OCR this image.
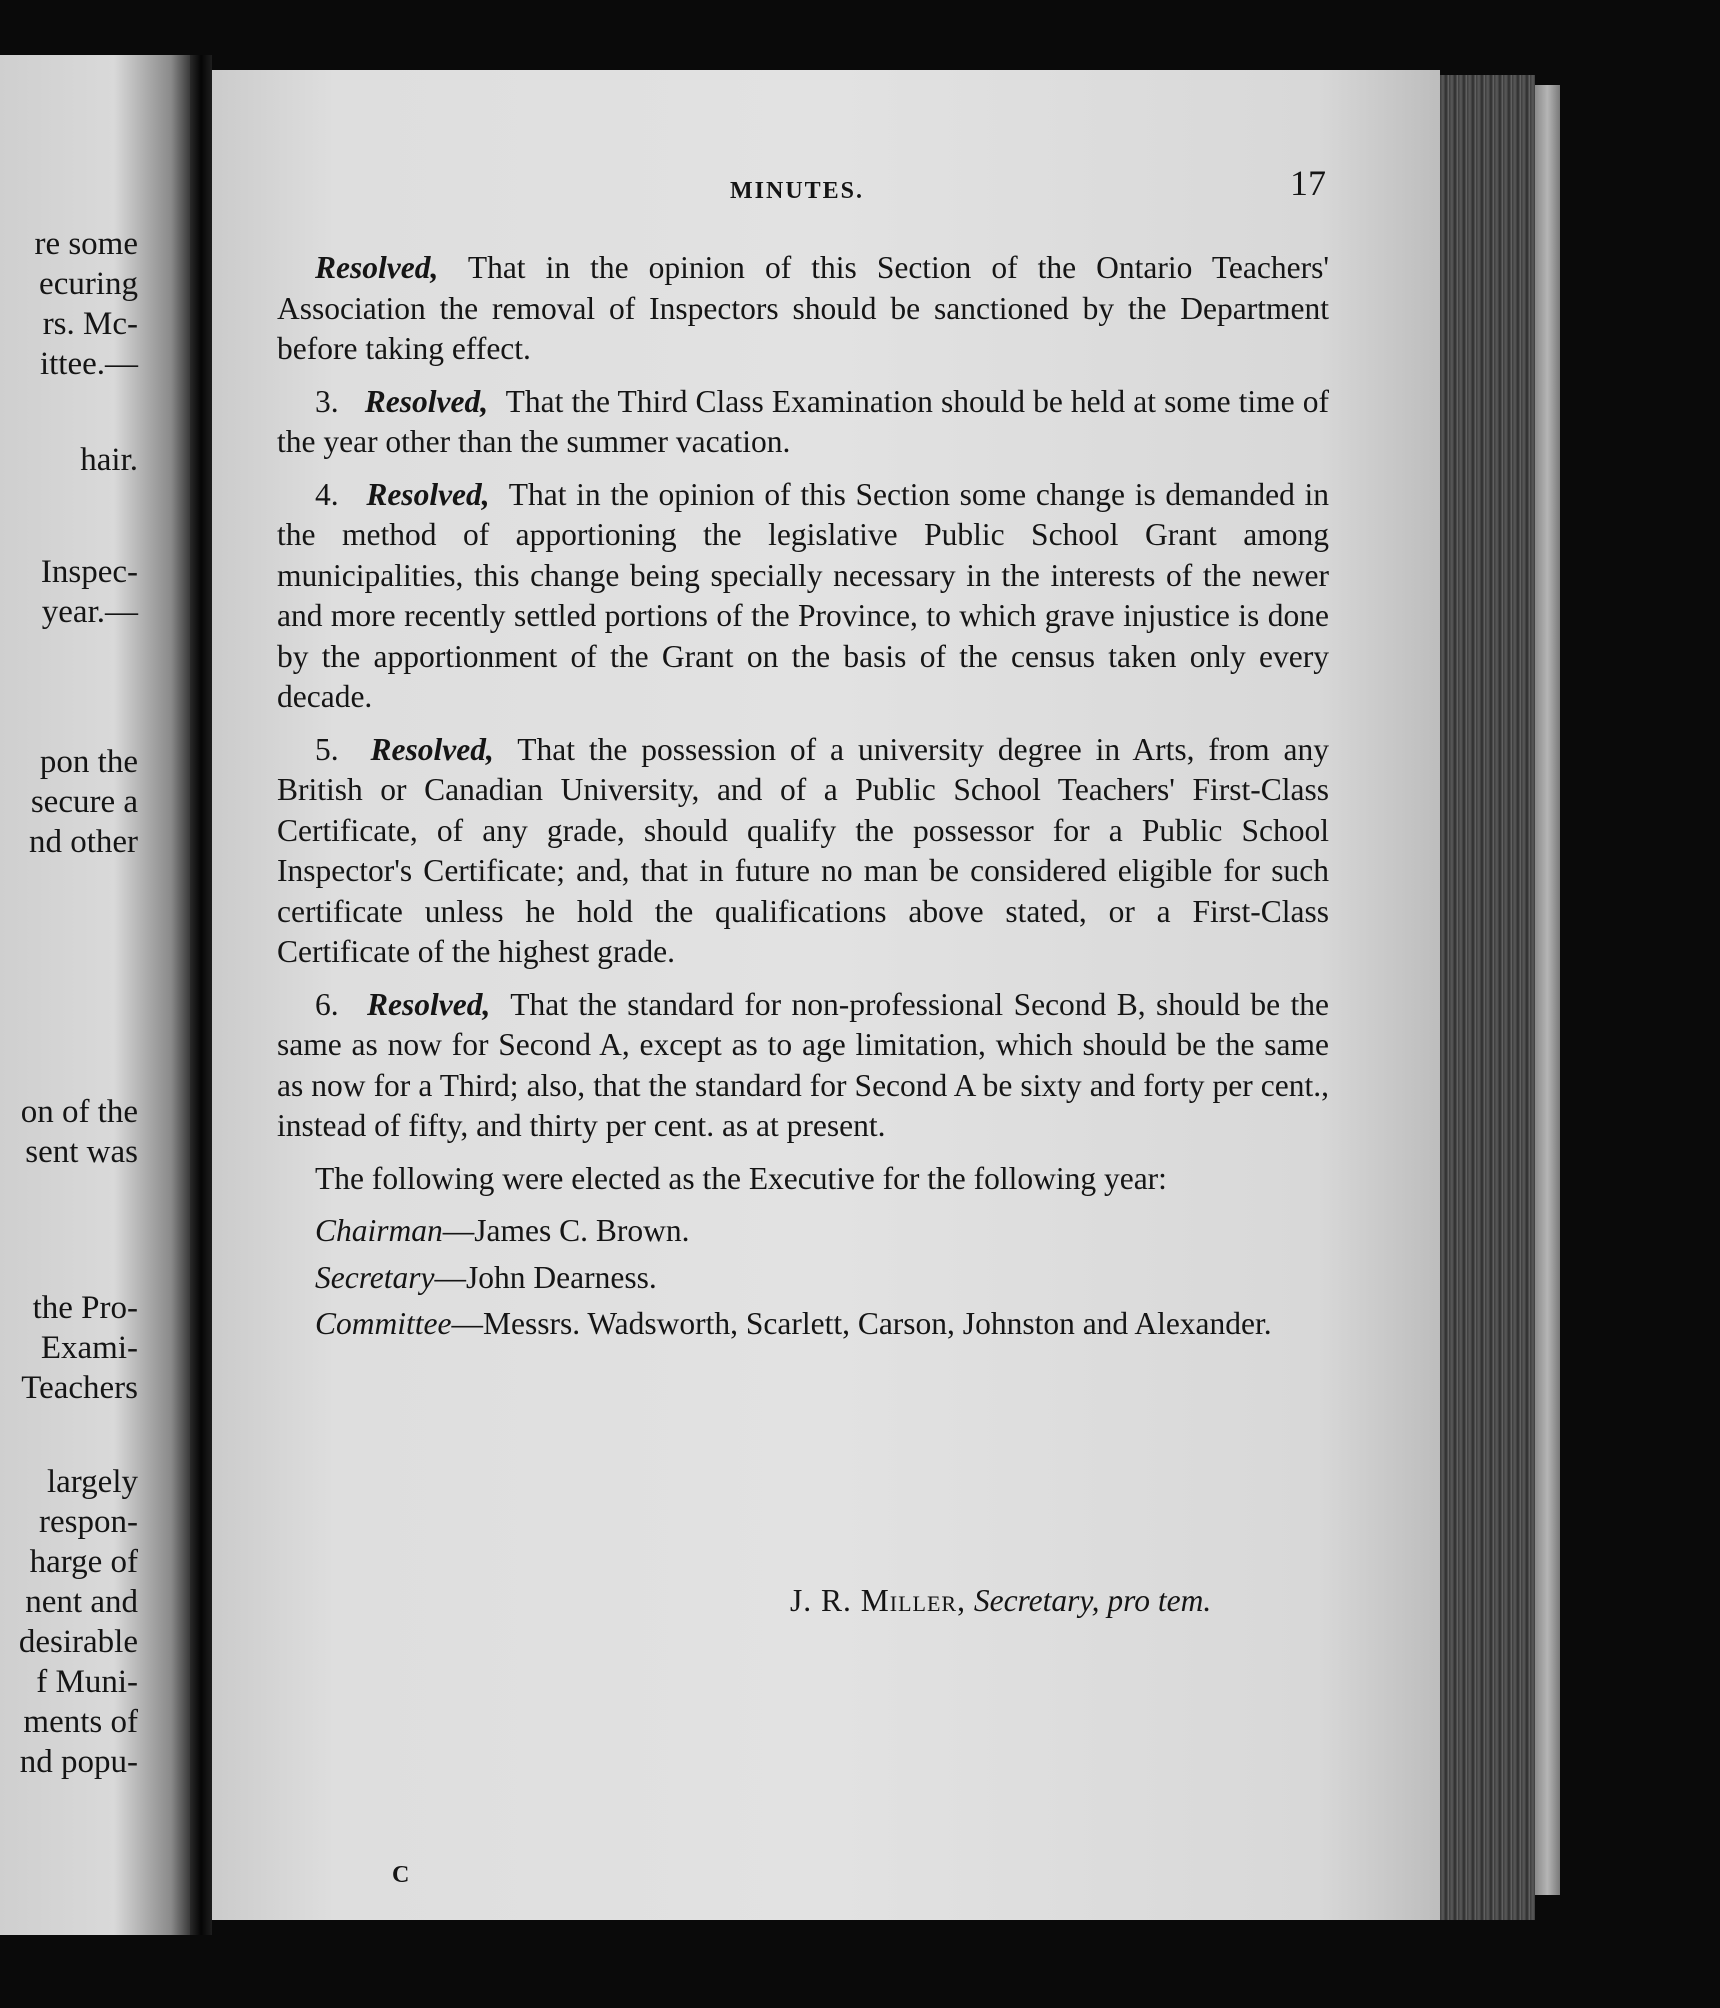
re some
ecuring
rs. Mc-
ittee.—
hair.
Inspec-
year.—
pon the
secure a
nd other
on of the
sent was
the Pro-
Exami-
Teachers
largely
respon-
harge of
nent and
desirable
f Muni-
ments of
nd popu-
MINUTES.	17

Resolved, That in the opinion of this Section of the Ontario Teachers' Association the removal of Inspectors should be sanctioned by the Department before taking effect.

3. Resolved, That the Third Class Examination should be held at some time of the year other than the summer vacation.

4. Resolved, That in the opinion of this Section some change is demanded in the method of apportioning the legislative Public School Grant among municipalities, this change being specially necessary in the interests of the newer and more recently settled portions of the Province, to which grave injustice is done by the apportionment of the Grant on the basis of the census taken only every decade.

5. Resolved, That the possession of a university degree in Arts, from any British or Canadian University, and of a Public School Teachers' First-Class Certificate, of any grade, should qualify the possessor for a Public School Inspector's Certificate; and, that in future no man be considered eligible for such certificate unless he hold the qualifications above stated, or a First-Class Certificate of the highest grade.

6. Resolved, That the standard for non-professional Second B, should be the same as now for Second A, except as to age limitation, which should be the same as now for a Third; also, that the standard for Second A be sixty and forty per cent., instead of fifty, and thirty per cent. as at present.

The following were elected as the Executive for the following year:

Chairman—James C. Brown.

Secretary—John Dearness.

Committee—Messrs. Wadsworth, Scarlett, Carson, Johnston and Alexander.

J. R. Miller, Secretary, pro tem.
C
